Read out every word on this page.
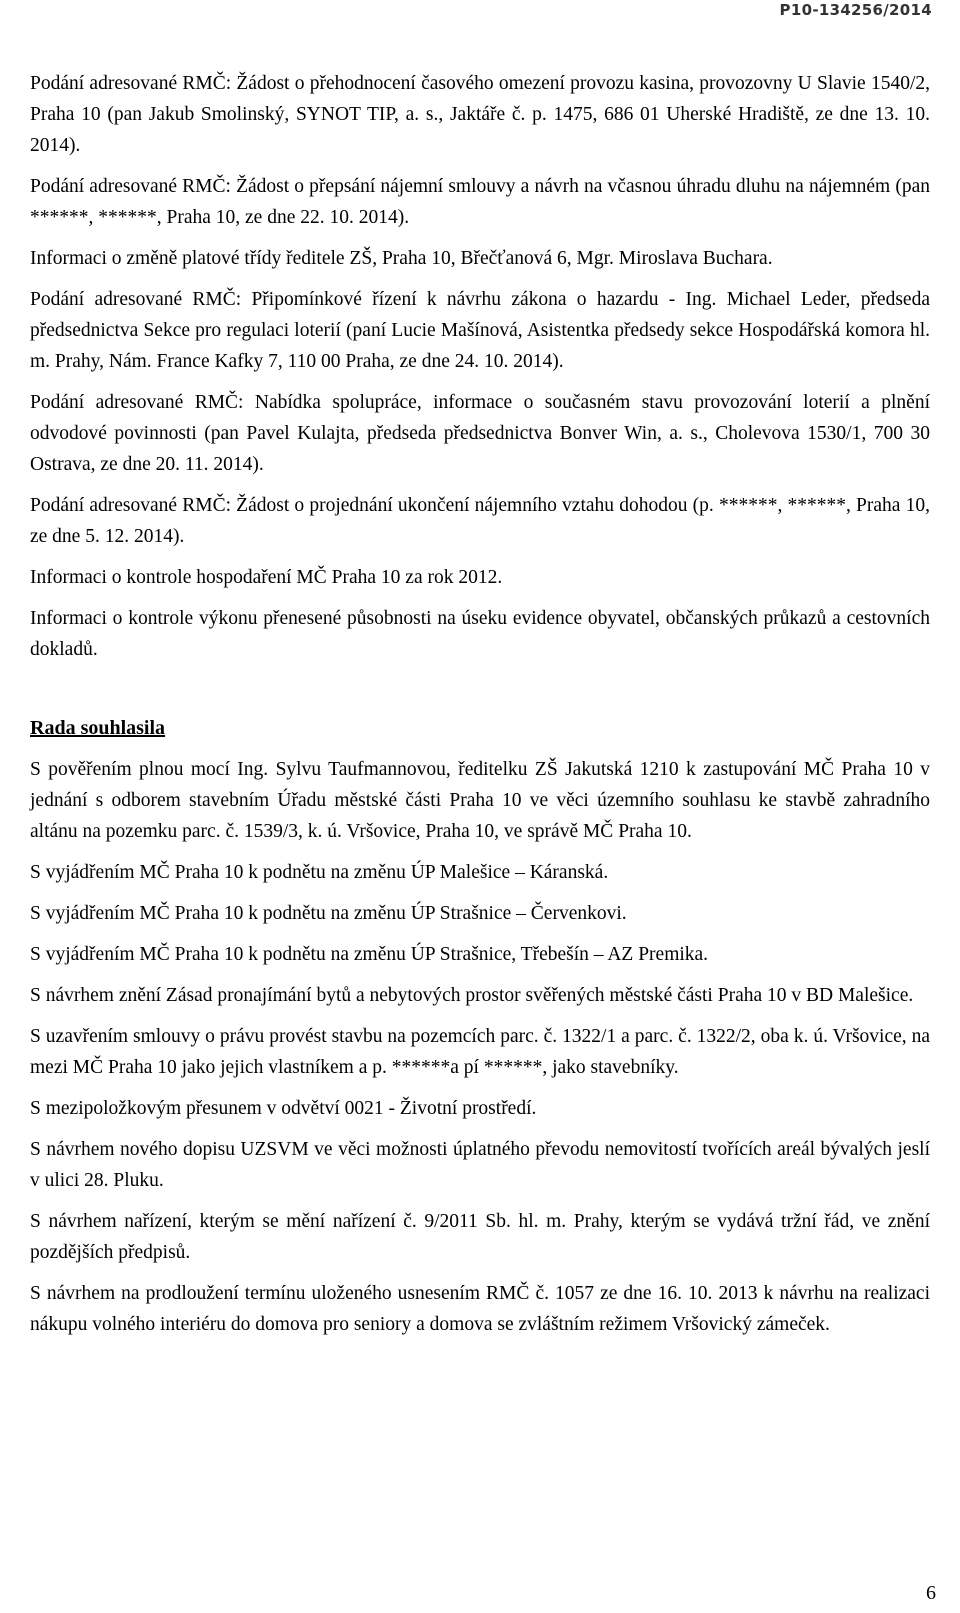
P10-134256/2014

Podání adresované RMČ: Žádost o přehodnocení časového omezení provozu kasina, provozovny U Slavie 1540/2, Praha 10 (pan Jakub Smolinský, SYNOT TIP, a. s., Jaktáře č. p. 1475, 686 01 Uherské Hradiště, ze dne 13. 10. 2014).

Podání adresované RMČ: Žádost o přepsání nájemní smlouvy a návrh na včasnou úhradu dluhu na nájemném (pan ******, ******, Praha 10, ze dne 22. 10. 2014).

Informaci o změně platové třídy ředitele ZŠ, Praha 10, Břečťanová 6, Mgr. Miroslava Buchara.

Podání adresované RMČ: Připomínkové řízení k návrhu zákona o hazardu - Ing. Michael Leder, předseda předsednictva Sekce pro regulaci loterií (paní Lucie Mašínová, Asistentka předsedy sekce Hospodářská komora hl. m. Prahy, Nám. France Kafky 7, 110 00 Praha, ze dne 24. 10. 2014).

Podání adresované RMČ: Nabídka spolupráce, informace o současném stavu provozování loterií a plnění odvodové povinnosti (pan Pavel Kulajta, předseda předsednictva Bonver Win, a. s., Cholevova 1530/1, 700 30 Ostrava, ze dne 20. 11. 2014).

Podání adresované RMČ: Žádost o projednání ukončení nájemního vztahu dohodou (p. ******, ******, Praha 10, ze dne 5. 12. 2014).

Informaci o kontrole hospodaření MČ Praha 10 za rok 2012.

Informaci o kontrole výkonu přenesené působnosti na úseku evidence obyvatel, občanských průkazů a cestovních dokladů.

Rada souhlasila

S pověřením plnou mocí Ing. Sylvu Taufmannovou, ředitelku ZŠ Jakutská 1210 k zastupování MČ Praha 10 v jednání s odborem stavebním Úřadu městské části Praha 10 ve věci územního souhlasu ke stavbě zahradního altánu na pozemku parc. č. 1539/3, k. ú. Vršovice, Praha 10, ve správě MČ Praha 10.

S vyjádřením MČ Praha 10 k podnětu na změnu ÚP Malešice – Káranská.

S vyjádřením MČ Praha 10 k podnětu na změnu ÚP Strašnice – Červenkovi.

S vyjádřením MČ Praha 10 k podnětu na změnu ÚP Strašnice, Třebešín – AZ Premika.

S návrhem znění Zásad pronajímání bytů a nebytových prostor svěřených městské části Praha 10 v BD Malešice.

S uzavřením smlouvy o právu provést stavbu na pozemcích parc. č. 1322/1 a parc. č. 1322/2, oba k. ú. Vršovice, na mezi MČ Praha 10 jako jejich vlastníkem a p. ******a pí ******, jako stavebníky.

S mezipoložkovým přesunem v odvětví 0021 - Životní prostředí.

S návrhem nového dopisu UZSVM ve věci možnosti úplatného převodu nemovitostí tvořících areál bývalých jeslí v ulici 28. Pluku.

S návrhem nařízení, kterým se mění nařízení č. 9/2011 Sb. hl. m. Prahy, kterým se vydává tržní řád, ve znění pozdějších předpisů.

S návrhem na prodloužení termínu uloženého usnesením RMČ č. 1057 ze dne 16. 10. 2013 k návrhu na realizaci nákupu volného interiéru do domova pro seniory a domova se zvláštním režimem Vršovický zámeček.

6
